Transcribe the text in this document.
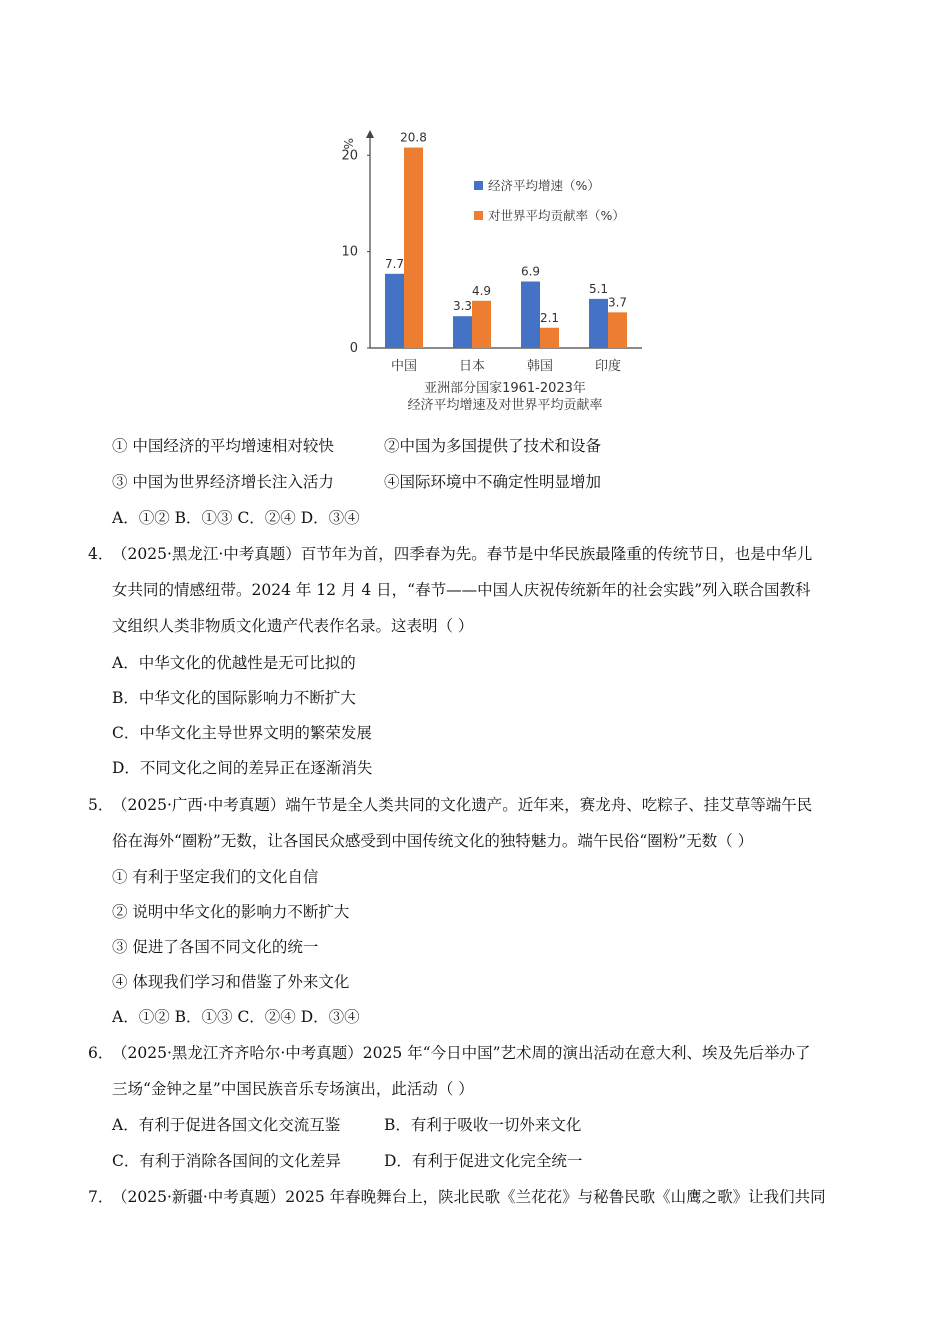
%
0
10
20
7.7
20.8
3.3
4.9
6.9
2.1
5.1
3.7
中国	日本	韩国	印度
经济平均增速（%）
对世界平均贡献率（%）
亚洲部分国家1961-2023年
经济平均增速及对世界平均贡献率
① 中国经济的平均增速相对较快	②中国为多国提供了技术和设备
③ 中国为世界经济增长注入活力	④国际环境中不确定性明显增加
A．①② B．①③ C．②④ D．③④
4．
（2025·黑龙江·中考真题）百节年为首，四季春为先。春节是中华民族最隆重的传统节日，也是中华儿
女共同的情感纽带。2024 年 12 月 4 日，“春节——中国人庆祝传统新年的社会实践”列入联合国教科
文组织人类非物质文化遗产代表作名录。这表明（ ）
A．中华文化的优越性是无可比拟的
B．中华文化的国际影响力不断扩大
C．中华文化主导世界文明的繁荣发展
D．不同文化之间的差异正在逐渐消失
5．
（2025·广西·中考真题）端午节是全人类共同的文化遗产。近年来，赛龙舟、吃粽子、挂艾草等端午民
俗在海外“圈粉”无数，让各国民众感受到中国传统文化的独特魅力。端午民俗“圈粉”无数（ ）
① 有利于坚定我们的文化自信
② 说明中华文化的影响力不断扩大
③ 促进了各国不同文化的统一
④ 体现我们学习和借鉴了外来文化
A．①② B．①③ C．②④ D．③④
6．
（2025·黑龙江齐齐哈尔·中考真题）2025 年“今日中国”艺术周的演出活动在意大利、埃及先后举办了
三场“金钟之星”中国民族音乐专场演出，此活动（ ）
A．有利于促进各国文化交流互鉴	B．有利于吸收一切外来文化
C．有利于消除各国间的文化差异	D．有利于促进文化完全统一
7．
（2025·新疆·中考真题）2025 年春晚舞台上，陕北民歌《兰花花》与秘鲁民歌《山鹰之歌》让我们共同
